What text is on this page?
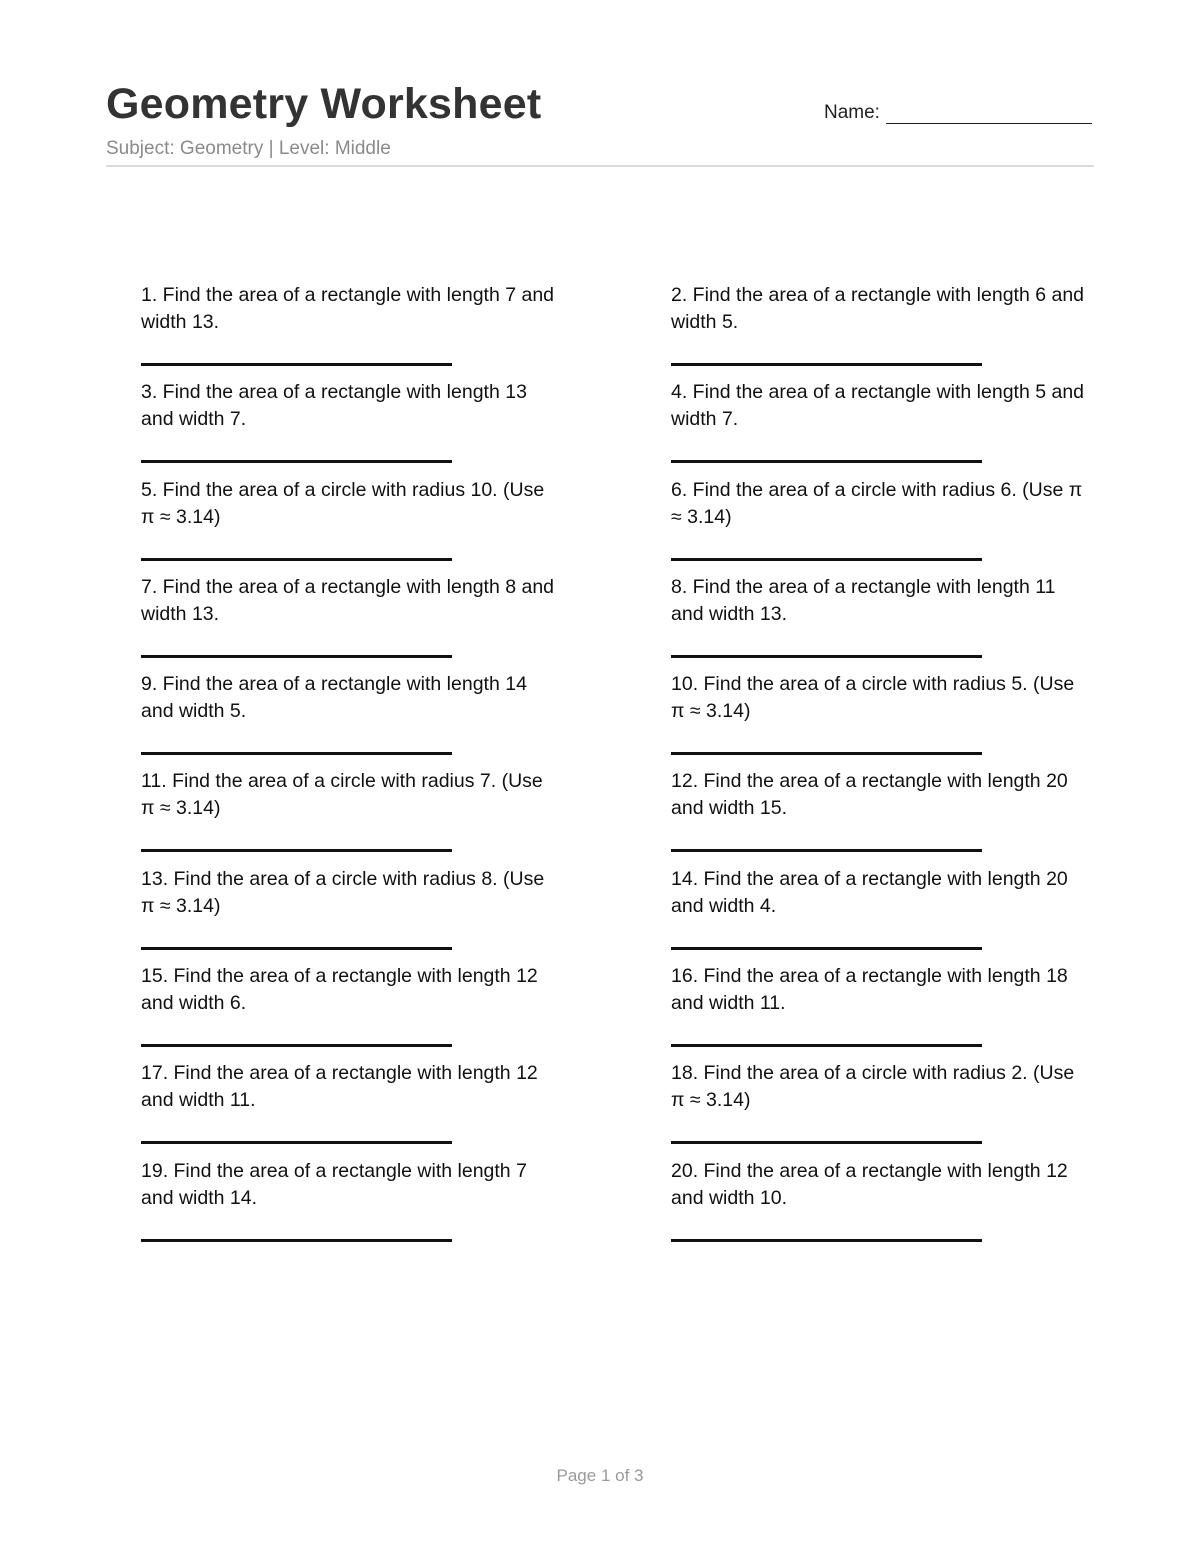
Geometry Worksheet
Subject: Geometry | Level: Middle
Name:
1. Find the area of a rectangle with length 7 and width 13.
2. Find the area of a rectangle with length 6 and width 5.
3. Find the area of a rectangle with length 13 and width 7.
4. Find the area of a rectangle with length 5 and width 7.
5. Find the area of a circle with radius 10. (Use π ≈ 3.14)
6. Find the area of a circle with radius 6. (Use π ≈ 3.14)
7. Find the area of a rectangle with length 8 and width 13.
8. Find the area of a rectangle with length 11 and width 13.
9. Find the area of a rectangle with length 14 and width 5.
10. Find the area of a circle with radius 5. (Use π ≈ 3.14)
11. Find the area of a circle with radius 7. (Use π ≈ 3.14)
12. Find the area of a rectangle with length 20 and width 15.
13. Find the area of a circle with radius 8. (Use π ≈ 3.14)
14. Find the area of a rectangle with length 20 and width 4.
15. Find the area of a rectangle with length 12 and width 6.
16. Find the area of a rectangle with length 18 and width 11.
17. Find the area of a rectangle with length 12 and width 11.
18. Find the area of a circle with radius 2. (Use π ≈ 3.14)
19. Find the area of a rectangle with length 7 and width 14.
20. Find the area of a rectangle with length 12 and width 10.
Page 1 of 3
